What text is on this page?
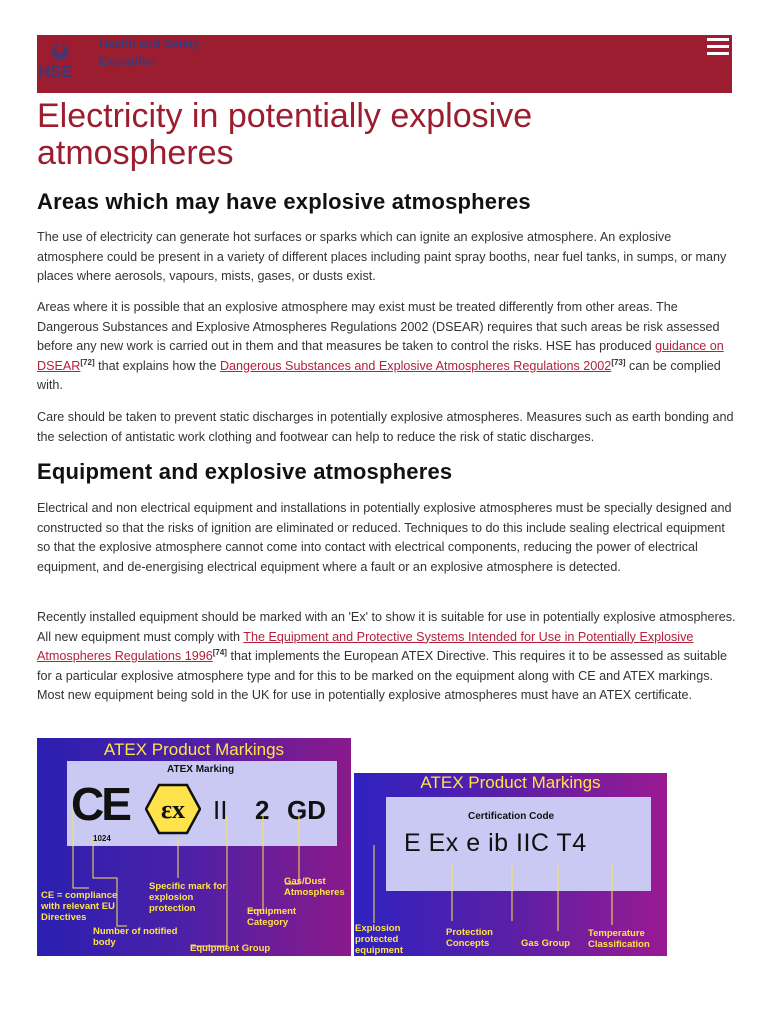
HSE
Health and Safety Executive
Electricity in potentially explosive atmospheres
Areas which may have explosive atmospheres

The use of electricity can generate hot surfaces or sparks which can ignite an explosive atmosphere. An explosive atmosphere could be present in a variety of different places including paint spray booths, near fuel tanks, in sumps, or many places where aerosols, vapours, mists, gases, or dusts exist.

Areas where it is possible that an explosive atmosphere may exist must be treated differently from other areas. The Dangerous Substances and Explosive Atmospheres Regulations 2002 (DSEAR) requires that such areas be risk assessed before any new work is carried out in them and that measures be taken to control the risks. HSE has produced guidance on DSEAR[72] that explains how the Dangerous Substances and Explosive Atmospheres Regulations 2002[73] can be complied with.

Care should be taken to prevent static discharges in potentially explosive atmospheres. Measures such as earth bonding and the selection of antistatic work clothing and footwear can help to reduce the risk of static discharges.

Equipment and explosive atmospheres

Electrical and non electrical equipment and installations in potentially explosive atmospheres must be specially designed and constructed so that the risks of ignition are eliminated or reduced. Techniques to do this include sealing electrical equipment so that the explosive atmosphere cannot come into contact with electrical components, reducing the power of electrical equipment, and de-energising electrical equipment where a fault or an explosive atmosphere is detected.

Recently installed equipment should be marked with an 'Ex' to show it is suitable for use in potentially explosive atmospheres. All new equipment must comply with The Equipment and Protective Systems Intended for Use in Potentially Explosive Atmospheres Regulations 1996[74] that implements the European ATEX Directive. This requires it to be assessed as suitable for a particular explosive atmosphere type and for this to be marked on the equipment along with CE and ATEX markings. Most new equipment being sold in the UK for use in potentially explosive atmospheres must have an ATEX certificate.

ATEX Product Markings
ATEX Marking
CE
1024
εx II 2 GD
CE = compliance with relevant EU Directives
Number of notified body
Specific mark for explosion protection
Equipment Group
Equipment Category
Gas/Dust Atmospheres
ATEX Product Markings
Certification Code
E Ex e ib IIC T4
Explosion protected equipment
Protection Concepts	Gas Group
Temperature Classification
